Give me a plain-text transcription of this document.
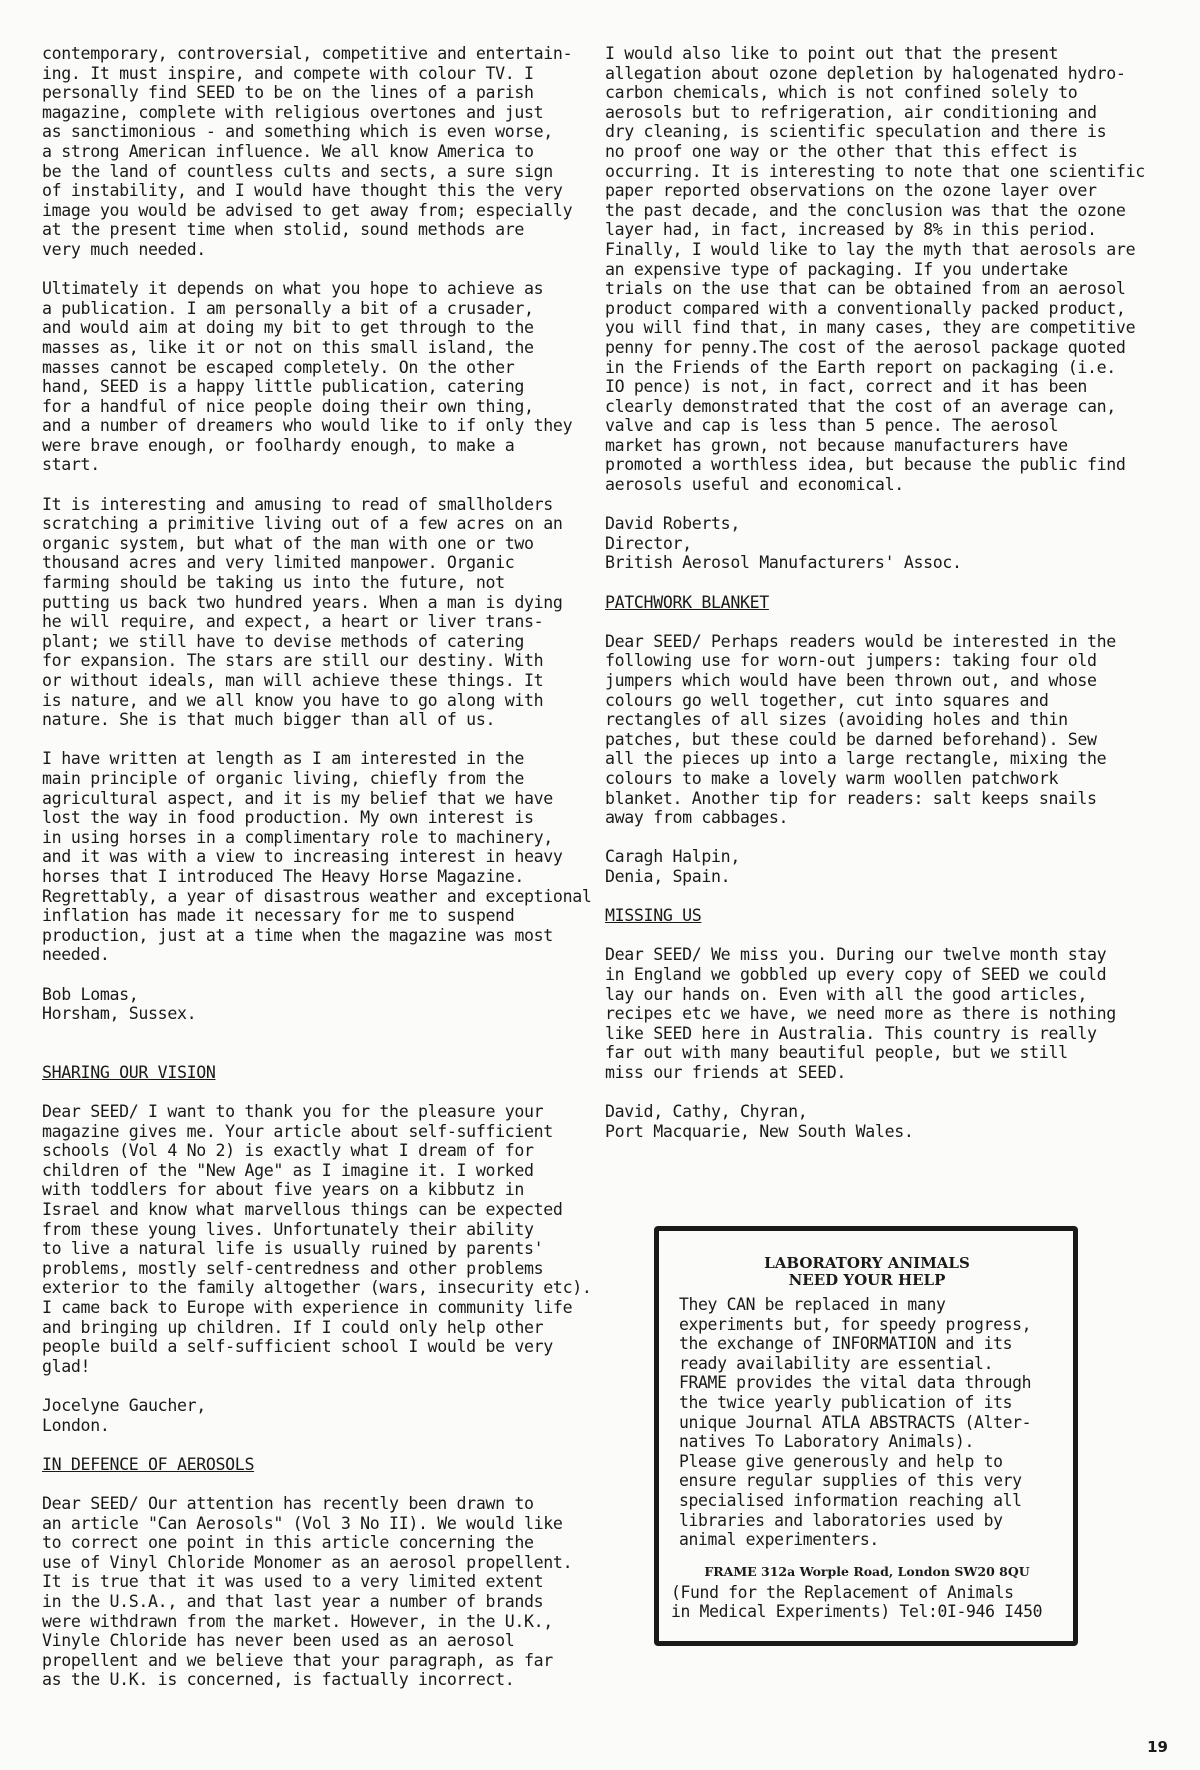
contemporary, controversial, competitive and entertain-
ing. It must inspire, and compete with colour TV. I
personally find SEED to be on the lines of a parish
magazine, complete with religious overtones and just
as sanctimonious - and something which is even worse,
a strong American influence. We all know America to
be the land of countless cults and sects, a sure sign
of instability, and I would have thought this the very
image you would be advised to get away from; especially
at the present time when stolid, sound methods are
very much needed.

Ultimately it depends on what you hope to achieve as
a publication. I am personally a bit of a crusader,
and would aim at doing my bit to get through to the
masses as, like it or not on this small island, the
masses cannot be escaped completely. On the other
hand, SEED is a happy little publication, catering
for a handful of nice people doing their own thing,
and a number of dreamers who would like to if only they
were brave enough, or foolhardy enough, to make a
start.

It is interesting and amusing to read of smallholders
scratching a primitive living out of a few acres on an
organic system, but what of the man with one or two
thousand acres and very limited manpower. Organic
farming should be taking us into the future, not
putting us back two hundred years. When a man is dying
he will require, and expect, a heart or liver trans-
plant; we still have to devise methods of catering
for expansion. The stars are still our destiny. With
or without ideals, man will achieve these things. It
is nature, and we all know you have to go along with
nature. She is that much bigger than all of us.

I have written at length as I am interested in the
main principle of organic living, chiefly from the
agricultural aspect, and it is my belief that we have
lost the way in food production. My own interest is
in using horses in a complimentary role to machinery,
and it was with a view to increasing interest in heavy
horses that I introduced The Heavy Horse Magazine.
Regrettably, a year of disastrous weather and exceptional
inflation has made it necessary for me to suspend
production, just at a time when the magazine was most
needed.

Bob Lomas,
Horsham, Sussex.

SHARING OUR VISION

Dear SEED/ I want to thank you for the pleasure your
magazine gives me. Your article about self-sufficient
schools (Vol 4 No 2) is exactly what I dream of for
children of the "New Age" as I imagine it. I worked
with toddlers for about five years on a kibbutz in
Israel and know what marvellous things can be expected
from these young lives. Unfortunately their ability
to live a natural life is usually ruined by parents'
problems, mostly self-centredness and other problems
exterior to the family altogether (wars, insecurity etc).
I came back to Europe with experience in community life
and bringing up children. If I could only help other
people build a self-sufficient school I would be very
glad!

Jocelyne Gaucher,
London.

IN DEFENCE OF AEROSOLS

Dear SEED/ Our attention has recently been drawn to
an article "Can Aerosols" (Vol 3 No II). We would like
to correct one point in this article concerning the
use of Vinyl Chloride Monomer as an aerosol propellent.
It is true that it was used to a very limited extent
in the U.S.A., and that last year a number of brands
were withdrawn from the market. However, in the U.K.,
Vinyle Chloride has never been used as an aerosol
propellent and we believe that your paragraph, as far
as the U.K. is concerned, is factually incorrect.

I would also like to point out that the present
allegation about ozone depletion by halogenated hydro-
carbon chemicals, which is not confined solely to
aerosols but to refrigeration, air conditioning and
dry cleaning, is scientific speculation and there is
no proof one way or the other that this effect is
occurring. It is interesting to note that one scientific
paper reported observations on the ozone layer over
the past decade, and the conclusion was that the ozone
layer had, in fact, increased by 8% in this period.
Finally, I would like to lay the myth that aerosols are
an expensive type of packaging. If you undertake
trials on the use that can be obtained from an aerosol
product compared with a conventionally packed product,
you will find that, in many cases, they are competitive
penny for penny.The cost of the aerosol package quoted
in the Friends of the Earth report on packaging (i.e.
IO pence) is not, in fact, correct and it has been
clearly demonstrated that the cost of an average can,
valve and cap is less than 5 pence. The aerosol
market has grown, not because manufacturers have
promoted a worthless idea, but because the public find
aerosols useful and economical.

David Roberts,
Director,
British Aerosol Manufacturers' Assoc.

PATCHWORK BLANKET

Dear SEED/ Perhaps readers would be interested in the
following use for worn-out jumpers: taking four old
jumpers which would have been thrown out, and whose
colours go well together, cut into squares and
rectangles of all sizes (avoiding holes and thin
patches, but these could be darned beforehand). Sew
all the pieces up into a large rectangle, mixing the
colours to make a lovely warm woollen patchwork
blanket. Another tip for readers: salt keeps snails
away from cabbages.

Caragh Halpin,
Denia, Spain.

MISSING US

Dear SEED/ We miss you. During our twelve month stay
in England we gobbled up every copy of SEED we could
lay our hands on. Even with all the good articles,
recipes etc we have, we need more as there is nothing
like SEED here in Australia. This country is really
far out with many beautiful people, but we still
miss our friends at SEED.

David, Cathy, Chyran,
Port Macquarie, New South Wales.

LABORATORY ANIMALS
NEED YOUR HELP

They CAN be replaced in many
experiments but, for speedy progress,
the exchange of INFORMATION and its
ready availability are essential.
FRAME provides the vital data through
the twice yearly publication of its
unique Journal ATLA ABSTRACTS (Alter-
natives To Laboratory Animals).
Please give generously and help to
ensure regular supplies of this very
specialised information reaching all
libraries and laboratories used by
animal experimenters.

FRAME 312a Worple Road, London SW20 8QU

(Fund for the Replacement of Animals
in Medical Experiments) Tel:0I-946 I450

19
